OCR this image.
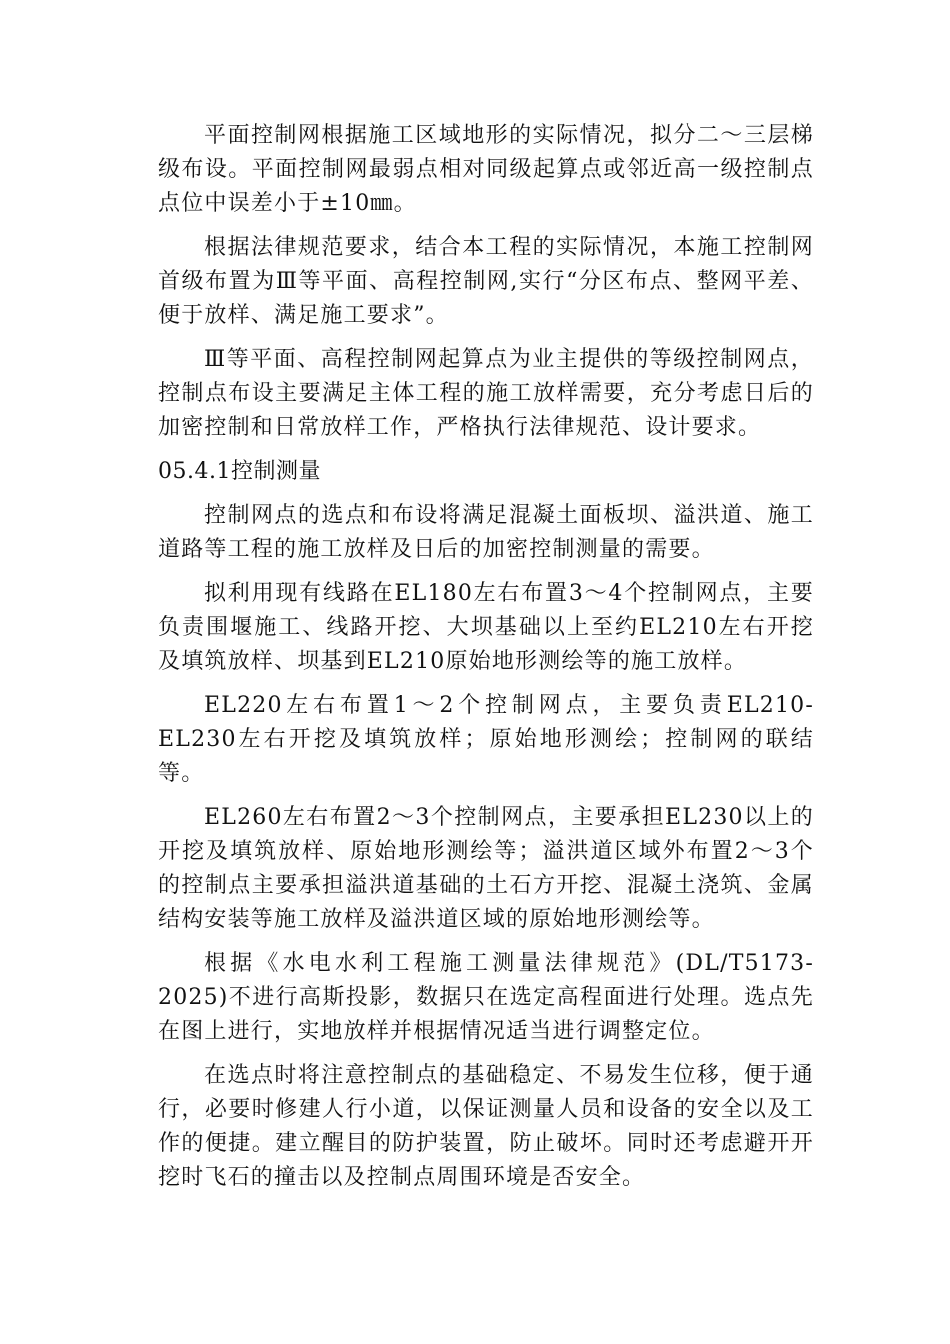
平面控制网根据施工区域地形的实际情况，拟分二～三层梯级布设。平面控制网最弱点相对同级起算点或邻近高一级控制点点位中误差小于±10㎜。

根据法律规范要求，结合本工程的实际情况，本施工控制网首级布置为Ⅲ等平面、高程控制网,实行“分区布点、整网平差、便于放样、满足施工要求”。

Ⅲ等平面、高程控制网起算点为业主提供的等级控制网点，控制点布设主要满足主体工程的施工放样需要，充分考虑日后的加密控制和日常放样工作，严格执行法律规范、设计要求。

05.4.1控制测量

控制网点的选点和布设将满足混凝土面板坝、溢洪道、施工道路等工程的施工放样及日后的加密控制测量的需要。

拟利用现有线路在EL180左右布置3～4个控制网点，主要负责围堰施工、线路开挖、大坝基础以上至约EL210左右开挖及填筑放样、坝基到EL210原始地形测绘等的施工放样。

EL220左右布置1～2个控制网点，主要负责EL210-EL230左右开挖及填筑放样；原始地形测绘；控制网的联结等。

EL260左右布置2～3个控制网点，主要承担EL230以上的开挖及填筑放样、原始地形测绘等；溢洪道区域外布置2～3个的控制点主要承担溢洪道基础的土石方开挖、混凝土浇筑、金属结构安装等施工放样及溢洪道区域的原始地形测绘等。

根据《水电水利工程施工测量法律规范》(DL/T5173-2025)不进行高斯投影，数据只在选定高程面进行处理。选点先在图上进行，实地放样并根据情况适当进行调整定位。

在选点时将注意控制点的基础稳定、不易发生位移，便于通行，必要时修建人行小道，以保证测量人员和设备的安全以及工作的便捷。建立醒目的防护装置，防止破坏。同时还考虑避开开挖时飞石的撞击以及控制点周围环境是否安全。
